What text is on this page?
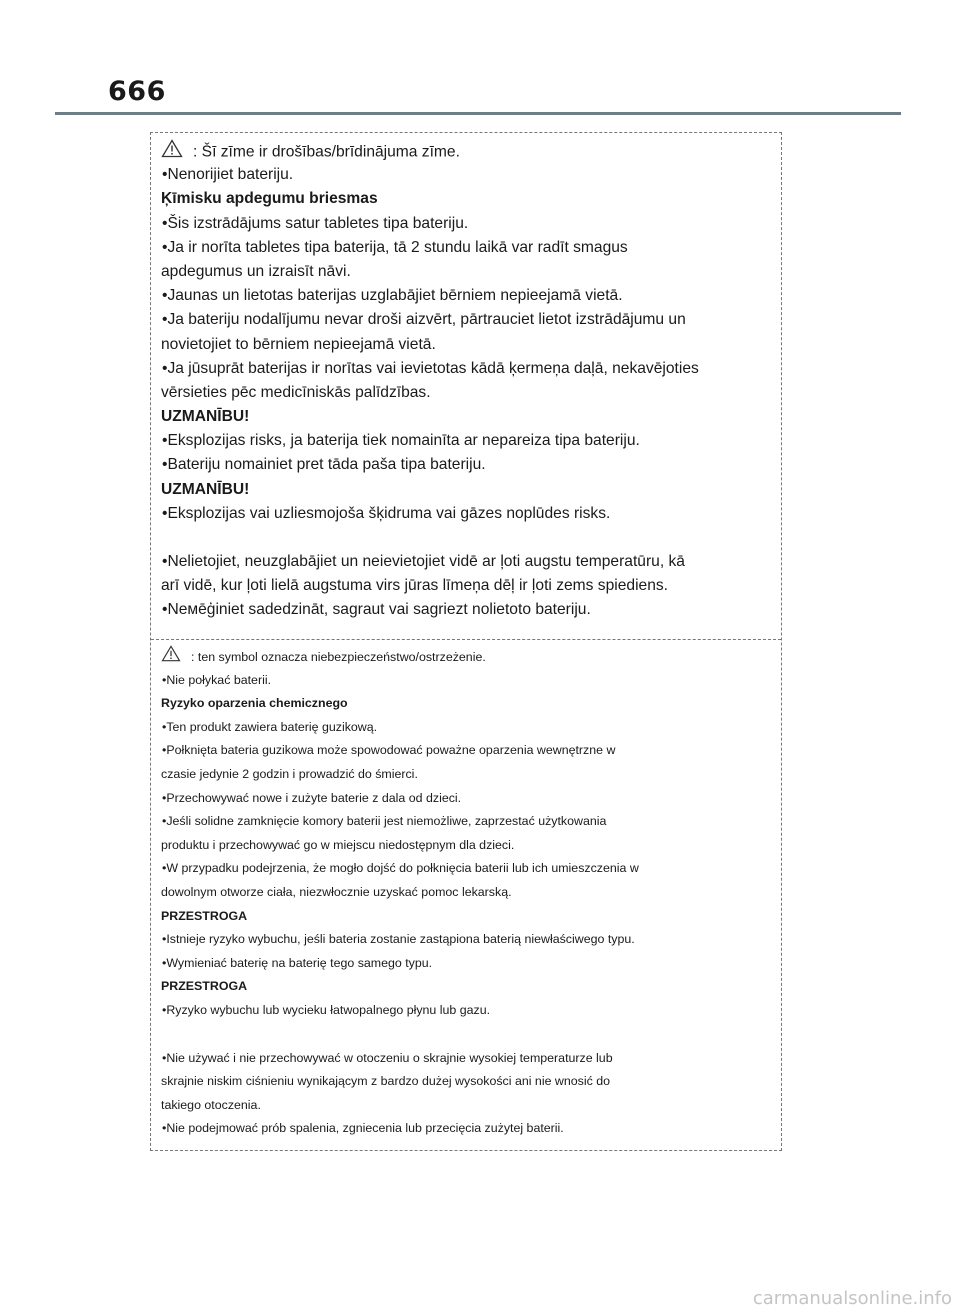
666
: Šī zīme ir drošības/brīdinājuma zīme.
•Nenorijiet bateriju.
Ķīmisku apdegumu briesmas
•Šis izstrādājums satur tabletes tipa bateriju.
•Ja ir norīta tabletes tipa baterija, tā 2 stundu laikā var radīt smagus
apdegumus un izraisīt nāvi.
•Jaunas un lietotas baterijas uzglabājiet bērniem nepieejamā vietā.
•Ja bateriju nodalījumu nevar droši aizvērt, pārtrauciet lietot izstrādājumu un
novietojiet to bērniem nepieejamā vietā.
•Ja jūsuprāt baterijas ir norītas vai ievietotas kādā ķermeņa daļā, nekavējoties
vērsieties pēc medicīniskās palīdzības.
UZMANĪBU!
•Eksplozijas risks, ja baterija tiek nomainīta ar nepareiza tipa bateriju.
•Bateriju nomainiet pret tāda paša tipa bateriju.
UZMANĪBU!
•Eksplozijas vai uzliesmojoša šķidruma vai gāzes noplūdes risks.
•Nelietojiet, neuzglabājiet un neievietojiet vidē ar ļoti augstu temperatūru, kā
arī vidē, kur ļoti lielā augstuma virs jūras līmeņa dēļ ir ļoti zems spiediens.
•Neмēģiniet sadedzināt, sagraut vai sagriezt nolietoto bateriju.
: ten symbol oznacza niebezpieczeństwo/ostrzeżenie.
•Nie połykać baterii.
Ryzyko oparzenia chemicznego
•Ten produkt zawiera baterię guzikową.
•Połknięta bateria guzikowa może spowodować poważne oparzenia wewnętrzne w
czasie jedynie 2 godzin i prowadzić do śmierci.
•Przechowywać nowe i zużyte baterie z dala od dzieci.
•Jeśli solidne zamknięcie komory baterii jest niemożliwe, zaprzestać użytkowania
produktu i przechowywać go w miejscu niedostępnym dla dzieci.
•W przypadku podejrzenia, że mogło dojść do połknięcia baterii lub ich umieszczenia w
dowolnym otworze ciała, niezwłocznie uzyskać pomoc lekarską.
PRZESTROGA
•Istnieje ryzyko wybuchu, jeśli bateria zostanie zastąpiona baterią niewłaściwego typu.
•Wymieniać baterię na baterię tego samego typu.
PRZESTROGA
•Ryzyko wybuchu lub wycieku łatwopalnego płynu lub gazu.
•Nie używać i nie przechowywać w otoczeniu o skrajnie wysokiej temperaturze lub
skrajnie niskim ciśnieniu wynikającym z bardzo dużej wysokości ani nie wnosić do
takiego otoczenia.
•Nie podejmować prób spalenia, zgniecenia lub przecięcia zużytej baterii.
carmanualsonline.info
